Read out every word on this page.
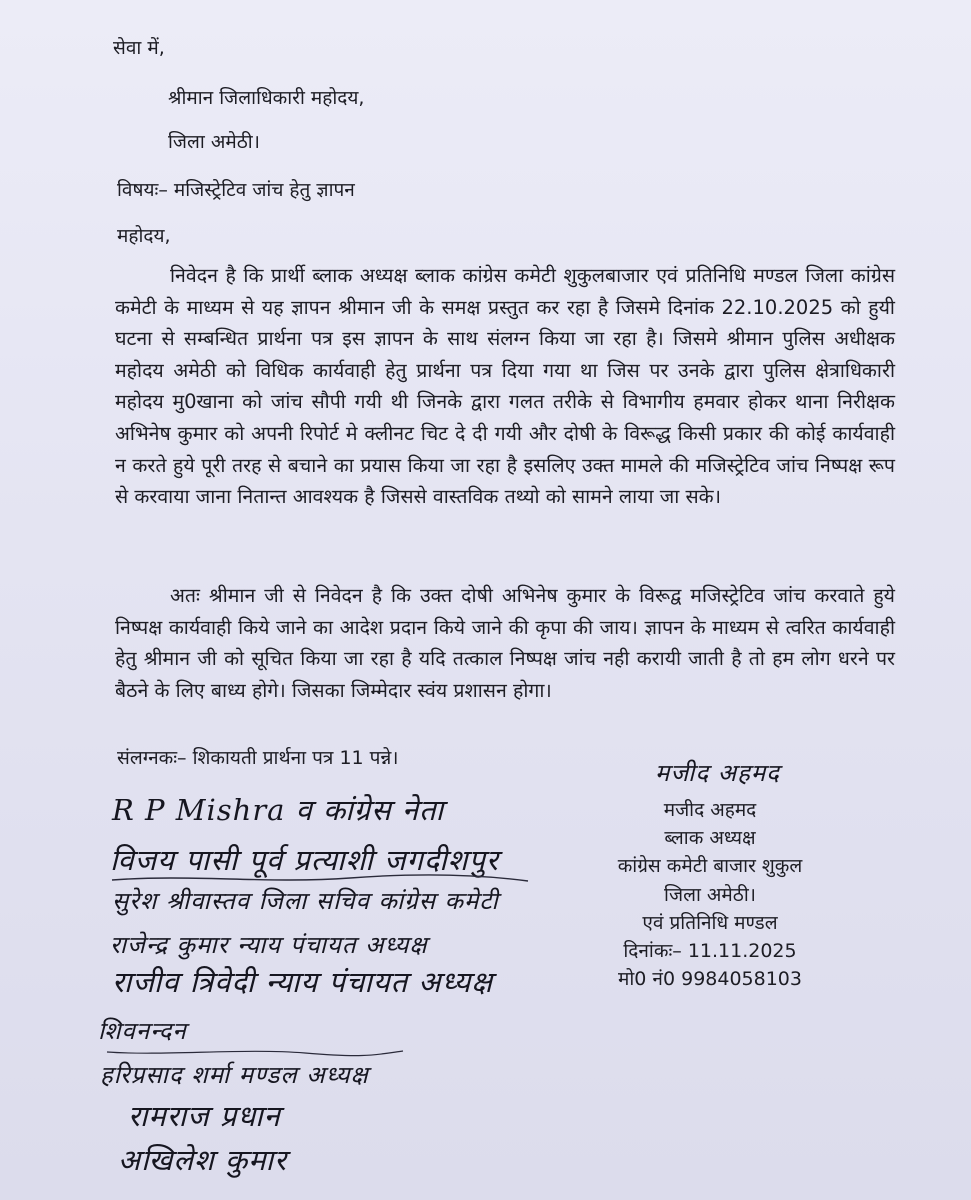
सेवा में,
श्रीमान जिलाधिकारी महोदय,
जिला अमेठी।
विषयः– मजिस्ट्रेटिव जांच हेतु ज्ञापन
महोदय,
निवेदन है कि प्रार्थी ब्लाक अध्यक्ष ब्लाक कांग्रेस कमेटी शुकुलबाजार एवं प्रतिनिधि मण्डल जिला कांग्रेस कमेटी के माध्यम से यह ज्ञापन श्रीमान जी के समक्ष प्रस्तुत कर रहा है जिसमे दिनांक 22.10.2025 को हुयी घटना से सम्बन्धित प्रार्थना पत्र इस ज्ञापन के साथ संलग्न किया जा रहा है। जिसमे श्रीमान पुलिस अधीक्षक महोदय अमेठी को विधिक कार्यवाही हेतु प्रार्थना पत्र दिया गया था जिस पर उनके द्वारा पुलिस क्षेत्राधिकारी महोदय मु0खाना को जांच सौपी गयी थी जिनके द्वारा गलत तरीके से विभागीय हमवार होकर थाना निरीक्षक अभिनेष कुमार को अपनी रिपोर्ट मे क्लीनट चिट दे दी गयी और दोषी के विरूद्ध किसी प्रकार की कोई कार्यवाही न करते हुये पूरी तरह से बचाने का प्रयास किया जा रहा है इसलिए उक्त मामले की मजिस्ट्रेटिव जांच निष्पक्ष रूप से करवाया जाना नितान्त आवश्यक है जिससे वास्तविक तथ्यो को सामने लाया जा सके।
अतः श्रीमान जी से निवेदन है कि उक्त दोषी अभिनेष कुमार के विरूद्व मजिस्ट्रेटिव जांच करवाते हुये निष्पक्ष कार्यवाही किये जाने का आदेश प्रदान किये जाने की कृपा की जाय। ज्ञापन के माध्यम से त्वरित कार्यवाही हेतु श्रीमान जी को सूचित किया जा रहा है यदि तत्काल निष्पक्ष जांच नही करायी जाती है तो हम लोग धरने पर बैठने के लिए बाध्य होगे। जिसका जिम्मेदार स्वंय प्रशासन होगा।
संलग्नकः– शिकायती प्रार्थना पत्र 11 पन्ने।
मजीद अहमद
मजीद अहमद
ब्लाक अध्यक्ष
कांग्रेस कमेटी बाजार शुकुल
जिला अमेठी।
एवं प्रतिनिधि मण्डल
दिनांकः– 11.11.2025
मो0 नं0 9984058103
R P Mishra व कांग्रेस नेता
विजय पासी पूर्व प्रत्याशी जगदीशपुर
सुरेश श्रीवास्तव जिला सचिव कांग्रेस कमेटी
राजेन्द्र कुमार न्याय पंचायत अध्यक्ष
राजीव त्रिवेदी न्याय पंचायत अध्यक्ष
शिवनन्दन
हरिप्रसाद शर्मा मण्डल अध्यक्ष
रामराज प्रधान
अखिलेश कुमार
